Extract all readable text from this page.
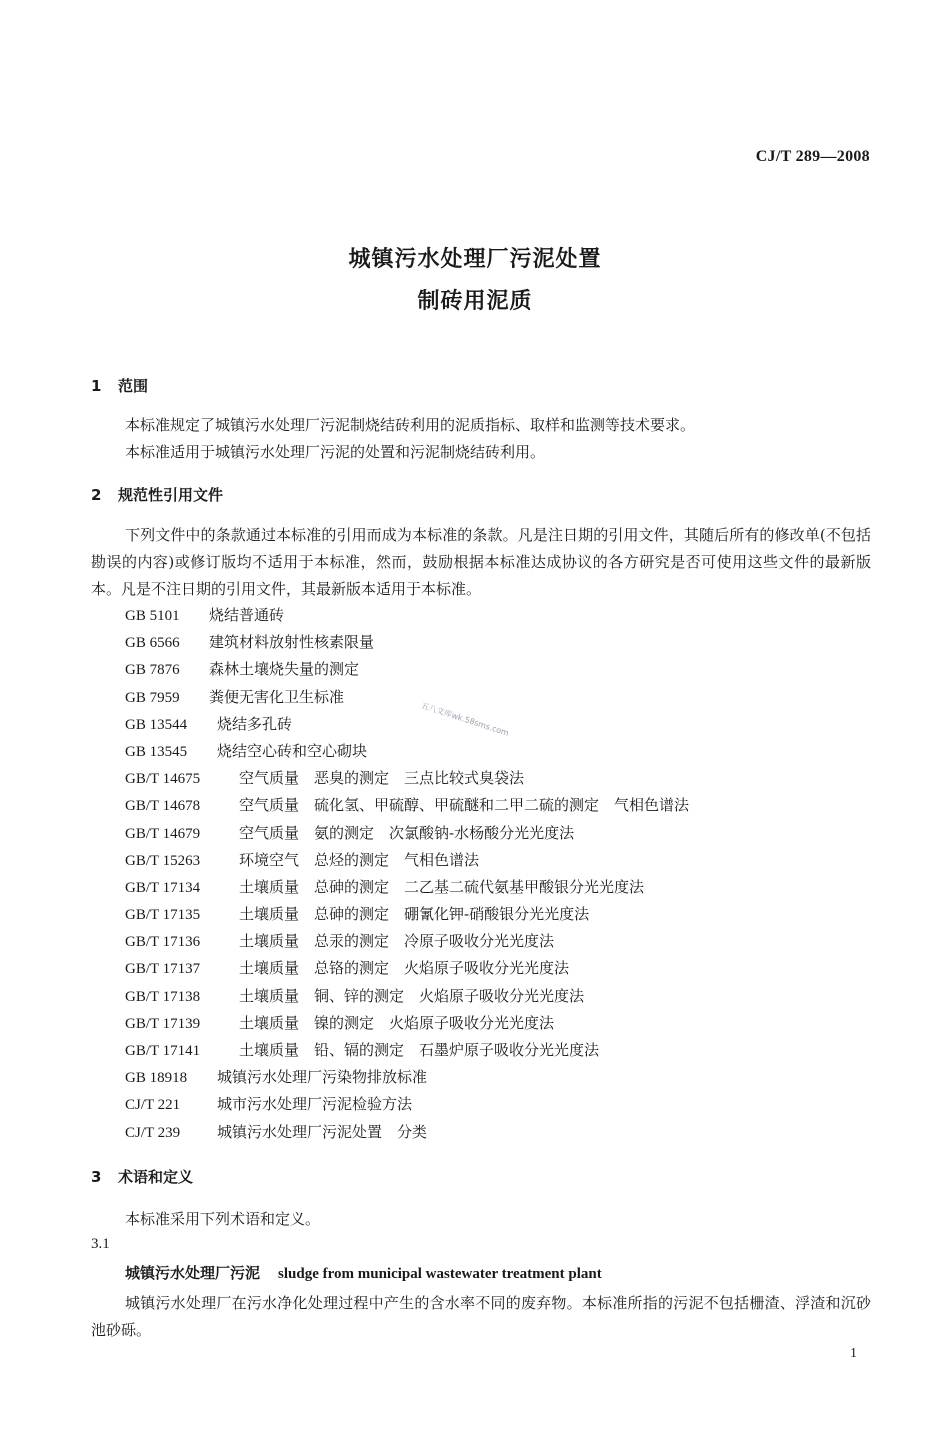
CJ/T 289—2008
城镇污水处理厂污泥处置
制砖用泥质
1 范围
本标准规定了城镇污水处理厂污泥制烧结砖利用的泥质指标、取样和监测等技术要求。
本标准适用于城镇污水处理厂污泥的处置和污泥制烧结砖利用。
2 规范性引用文件
下列文件中的条款通过本标准的引用而成为本标准的条款。凡是注日期的引用文件，其随后所有的修改单(不包括勘误的内容)或修订版均不适用于本标准，然而，鼓励根据本标准达成协议的各方研究是否可使用这些文件的最新版本。凡是不注日期的引用文件，其最新版本适用于本标准。
GB 5101 烧结普通砖
GB 6566 建筑材料放射性核素限量
GB 7876 森林土壤烧失量的测定
GB 7959 粪便无害化卫生标准
GB 13544 烧结多孔砖
GB 13545 烧结空心砖和空心砌块
GB/T 14675	空气质量　恶臭的测定　三点比较式臭袋法
GB/T 14678	空气质量　硫化氢、甲硫醇、甲硫醚和二甲二硫的测定　气相色谱法
GB/T 14679	空气质量　氨的测定　次氯酸钠-水杨酸分光光度法
GB/T 15263	环境空气　总烃的测定　气相色谱法
GB/T 17134	土壤质量　总砷的测定　二乙基二硫代氨基甲酸银分光光度法
GB/T 17135	土壤质量　总砷的测定　硼氰化钾-硝酸银分光光度法
GB/T 17136	土壤质量　总汞的测定　冷原子吸收分光光度法
GB/T 17137	土壤质量　总铬的测定　火焰原子吸收分光光度法
GB/T 17138	土壤质量　铜、锌的测定　火焰原子吸收分光光度法
GB/T 17139	土壤质量　镍的测定　火焰原子吸收分光光度法
GB/T 17141	土壤质量　铅、镉的测定　石墨炉原子吸收分光光度法
GB 18918 城镇污水处理厂污染物排放标准
CJ/T 221 城市污水处理厂污泥检验方法
CJ/T 239 城镇污水处理厂污泥处置　分类
五八文库wk.58sms.com
3 术语和定义
本标准采用下列术语和定义。
3.1
城镇污水处理厂污泥 sludge from municipal wastewater treatment plant
城镇污水处理厂在污水净化处理过程中产生的含水率不同的废弃物。本标准所指的污泥不包括栅渣、浮渣和沉砂池砂砾。
1
